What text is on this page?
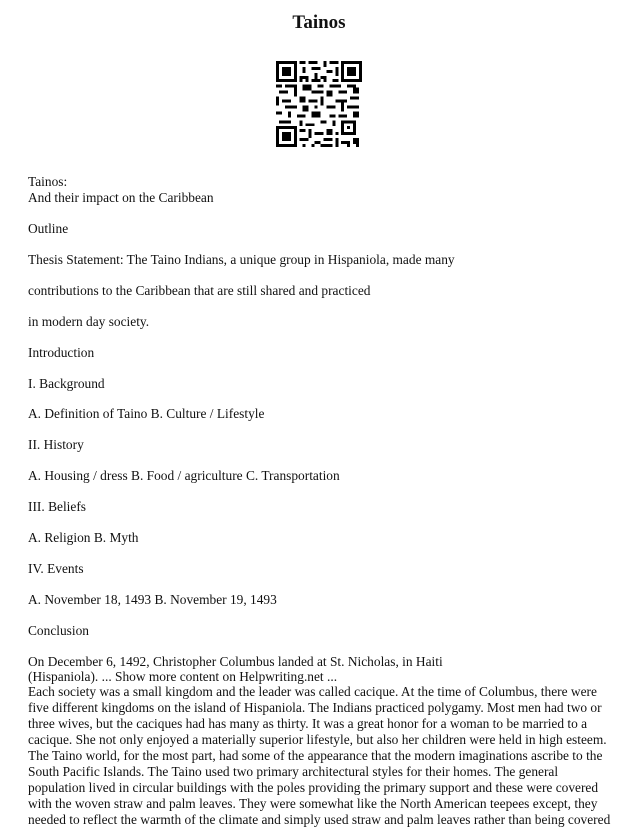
Tainos
Tainos:
And their impact on the Caribbean
Outline
Thesis Statement: The Taino Indians, a unique group in Hispaniola, made many
contributions to the Caribbean that are still shared and practiced
in modern day society.
Introduction
I. Background
A. Definition of Taino B. Culture / Lifestyle
II. History
A. Housing / dress B. Food / agriculture C. Transportation
III. Beliefs
A. Religion B. Myth
IV. Events
A. November 18, 1493 B. November 19, 1493
Conclusion
On December 6, 1492, Christopher Columbus landed at St. Nicholas, in Haiti
(Hispaniola). ... Show more content on Helpwriting.net ...
Each society was a small kingdom and the leader was called cacique. At the time of Columbus, there were five different kingdoms on the island of Hispaniola. The Indians practiced polygamy. Most men had two or three wives, but the caciques had has many as thirty. It was a great honor for a woman to be married to a cacique. She not only enjoyed a materially superior lifestyle, but also her children were held in high esteem. The Taino world, for the most part, had some of the appearance that the modern imaginations ascribe to the South Pacific Islands. The Taino used two primary architectural styles for their homes. The general population lived in circular buildings with the poles providing the primary support and these were covered with the woven straw and palm leaves. They were somewhat like the North American teepees except, they needed to reflect the warmth of the climate and simply used straw and palm leaves rather than being covered
